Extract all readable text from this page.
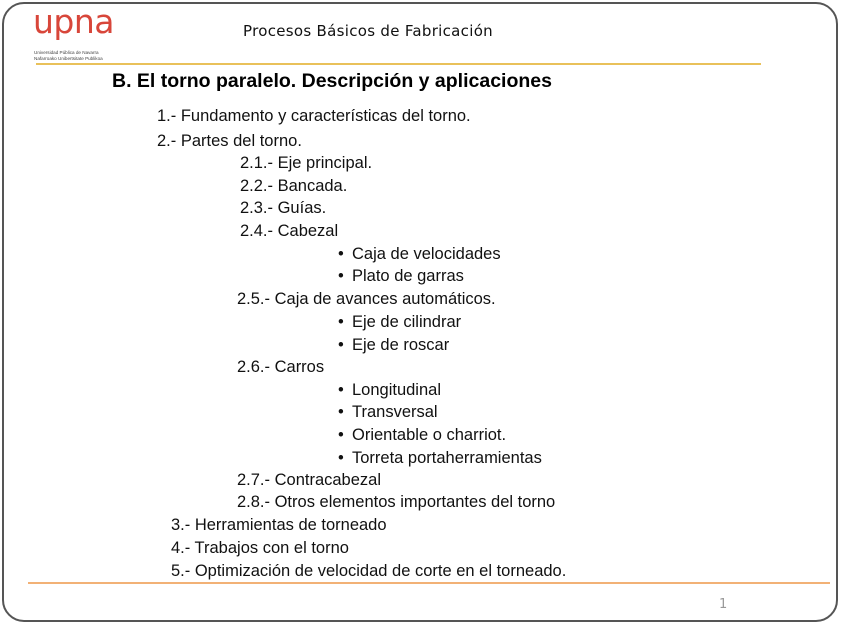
upna
Universidad Pública de Navarra
Nafarroako Unibertsitate Publikoa
Procesos Básicos de Fabricación
B. El torno paralelo. Descripción y aplicaciones
1.- Fundamento y características del torno.
2.- Partes del torno.
2.1.- Eje principal.
2.2.- Bancada.
2.3.- Guías.
2.4.- Cabezal
• Caja de velocidades
• Plato de garras
2.5.- Caja de avances automáticos.
• Eje de cilindrar
• Eje de roscar
2.6.- Carros
• Longitudinal
• Transversal
• Orientable o charriot.
• Torreta portaherramientas
2.7.- Contracabezal
2.8.- Otros elementos importantes del torno
3.- Herramientas de torneado
4.- Trabajos con el torno
5.- Optimización de velocidad de corte en el torneado.
1
